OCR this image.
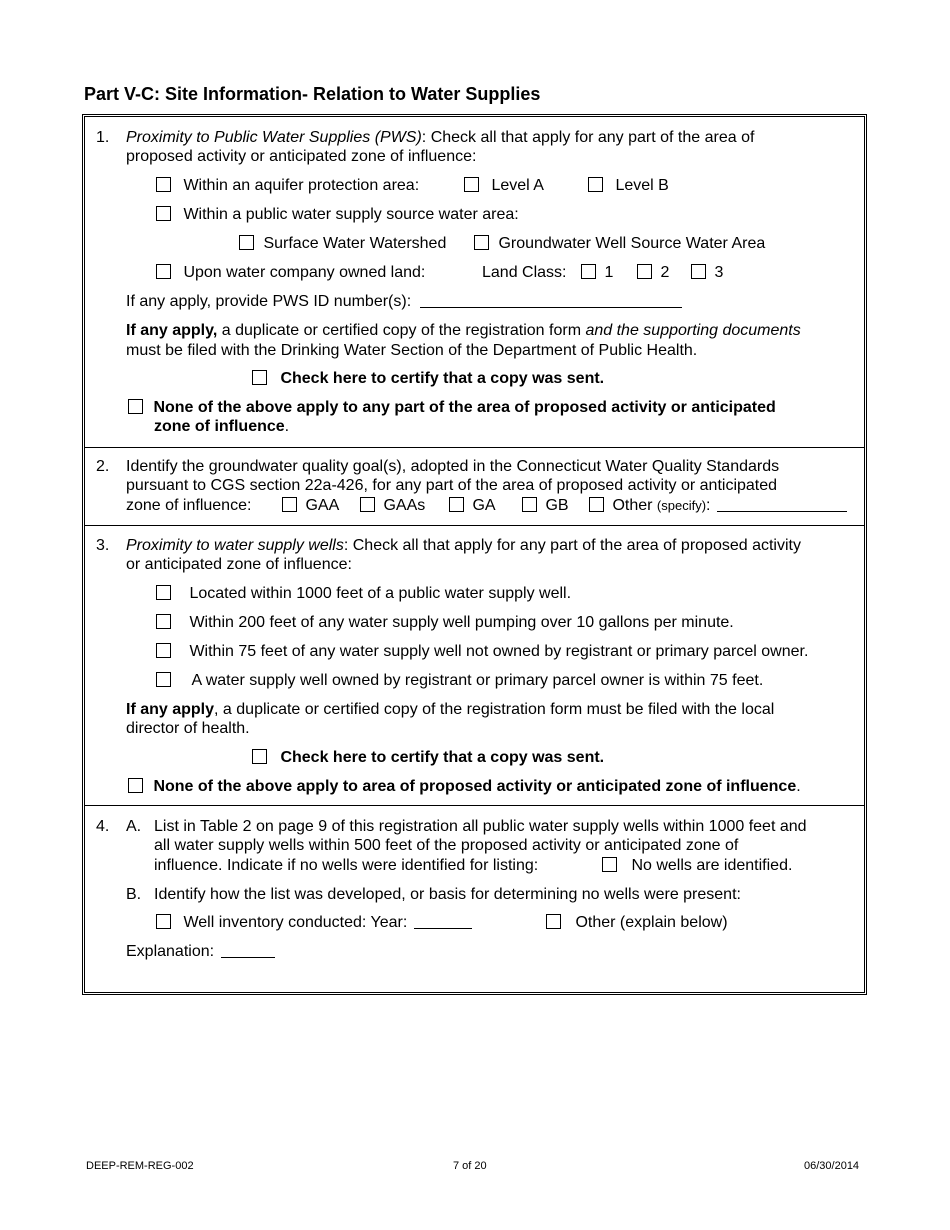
Part V-C: Site Information- Relation to Water Supplies
1. Proximity to Public Water Supplies (PWS): Check all that apply for any part of the area of
proposed activity or anticipated zone of influence:
Within an aquifer protection area:	Level A	Level B
Within a public water supply source water area:
Surface Water Watershed	Groundwater Well Source Water Area
Upon water company owned land:	Land Class:	1	2	3
If any apply, provide PWS ID number(s):
If any apply, a duplicate or certified copy of the registration form and the supporting documents
must be filed with the Drinking Water Section of the Department of Public Health.
Check here to certify that a copy was sent.
None of the above apply to any part of the area of proposed activity or anticipated
zone of influence.
2. Identify the groundwater quality goal(s), adopted in the Connecticut Water Quality Standards
pursuant to CGS section 22a-426, for any part of the area of proposed activity or anticipated
zone of influence:	GAA	GAAs	GA	GB	Other (specify):
3. Proximity to water supply wells: Check all that apply for any part of the area of proposed activity
or anticipated zone of influence:
Located within 1000 feet of a public water supply well.
Within 200 feet of any water supply well pumping over 10 gallons per minute.
Within 75 feet of any water supply well not owned by registrant or primary parcel owner.
A water supply well owned by registrant or primary parcel owner is within 75 feet.
If any apply, a duplicate or certified copy of the registration form must be filed with the local
director of health.
Check here to certify that a copy was sent.
None of the above apply to area of proposed activity or anticipated zone of influence.
4. A. List in Table 2 on page 9 of this registration all public water supply wells within 1000 feet and
all water supply wells within 500 feet of the proposed activity or anticipated zone of
influence. Indicate if no wells were identified for listing:	No wells are identified.
B. Identify how the list was developed, or basis for determining no wells were present:
Well inventory conducted: Year:	Other (explain below)
Explanation:
DEEP-REM-REG-002	7 of 20	06/30/2014
